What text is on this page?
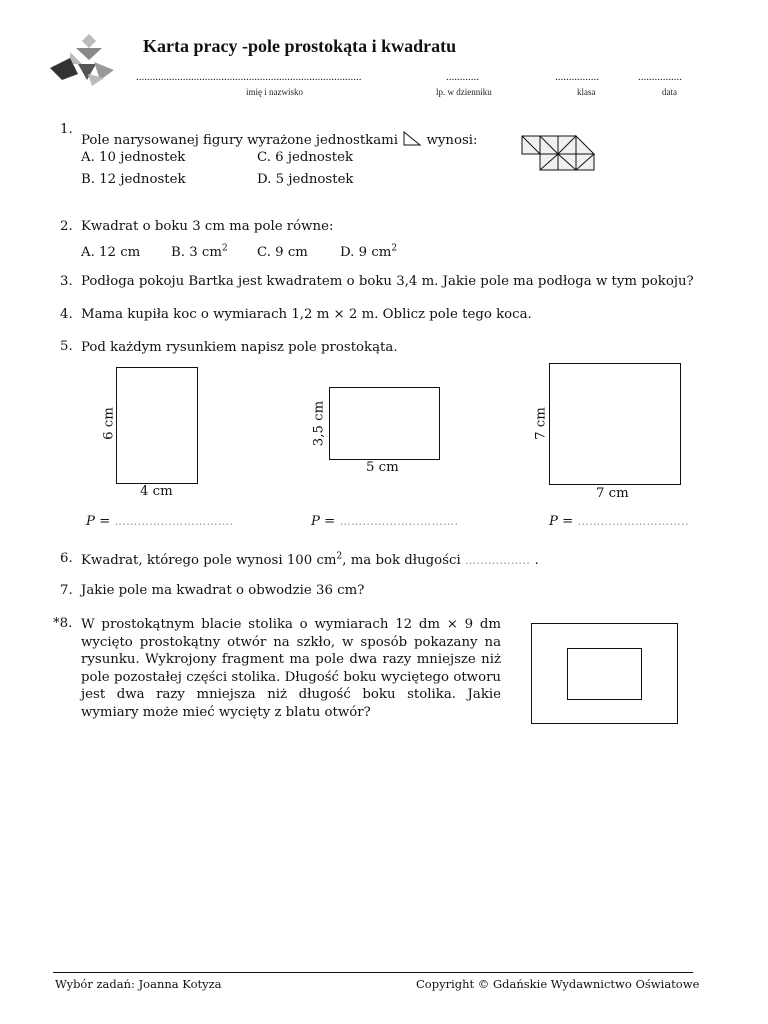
Karta pracy -pole prostokąta i kwadratu
..................................................................................	............	................	................
imię i nazwisko	lp. w dzienniku	klasa	data
1.
Pole narysowanej figury wyrażone jednostkami wynosi:
A. 10 jednostek	C. 6 jednostek
B. 12 jednostek	D. 5 jednostek
2. Kwadrat o boku 3 cm ma pole równe:
A. 12 cm B. 3 $cm^2$ C. 9 cm D. 9 $cm^2$
3. Podłoga pokoju Bartka jest kwadratem o boku 3,4 m. Jakie pole ma podłoga w tym pokoju?
4. Mama kupiła koc o wymiarach 1,2 m × 2 m. Oblicz pole tego koca.
5. Pod każdym rysunkiem napisz pole prostokąta.
6 cm
4 cm
3,5 cm
5 cm
7 cm
7 cm
P = ………………………….	P = ………………………….	P = ………………………..
6. Kwadrat, którego pole wynosi 100 $cm^2$, ma bok długości …………….. .
7. Jakie pole ma kwadrat o obwodzie 36 cm?
*8. W prostokątnym blacie stolika o wymiarach 12 dm × 9 dm wycięto prostokątny otwór na szkło, w sposób pokazany na rysunku. Wykrojony fragment ma pole dwa razy mniejsze niż pole pozostałej części stolika. Długość boku wyciętego otworu jest dwa razy mniejsza niż długość boku stolika. Jakie wymiary może mieć wycięty z blatu otwór?
Wybór zadań: Joanna Kotyza	Copyright © Gdańskie Wydawnictwo Oświatowe
